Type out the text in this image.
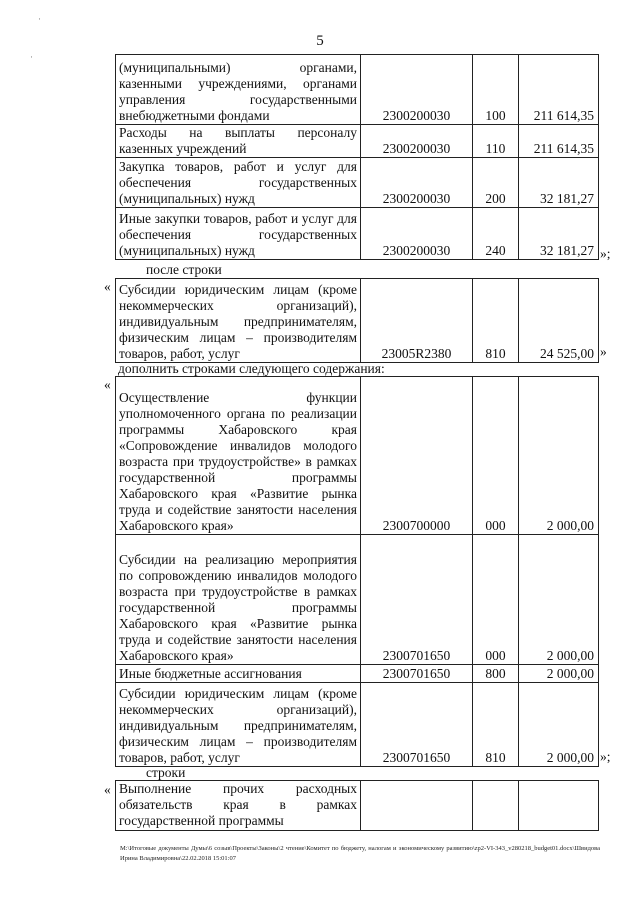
5
·
·
(муниципальными) органами, казенными учреждениями, органами управления государственными внебюджетными фондами	2300200030	100	211 614,35
Расходы на выплаты персоналу казенных учреждений	2300200030	110	211 614,35
Закупка товаров, работ и услуг для обеспечения государственных (муниципальных) нужд	2300200030	200	32 181,27
Иные закупки товаров, работ и услуг для обеспечения государственных (муниципальных) нужд	2300200030	240	32 181,27 »;
после строки
« Субсидии юридическим лицам (кроме некоммерческих организаций), индивидуальным предпринимателям, физическим лицам – производителям товаров, работ, услуг	23005R2380	810	24 525,00 »
дополнить строками следующего содержания:
«
Осуществление функции уполномоченного органа по реализации программы Хабаровского края «Сопровождение инвалидов молодого возраста при трудоустройстве» в рамках государственной программы Хабаровского края «Развитие рынка труда и содействие занятости населения Хабаровского края»	2300700000	000	2 000,00
Субсидии на реализацию мероприятия по сопровождению инвалидов молодого возраста при трудоустройстве в рамках государственной программы Хабаровского края «Развитие рынка труда и содействие занятости населения Хабаровского края»	2300701650	000	2 000,00
Иные бюджетные ассигнования	2300701650	800	2 000,00
Субсидии юридическим лицам (кроме некоммерческих организаций), индивидуальным предпринимателям, физическим лицам – производителям товаров, работ, услуг	2300701650	810	2 000,00 »;
строки
« Выполнение прочих расходных обязательств края в рамках государственной программы			
M:\Итоговые документы Думы\6 созыв\Проекты\Законы\2 чтение\Комитет по бюджету, налогам и экономическому развитию\zp2-VI-343_v280218_budget01.docx\Швидова Ирина Владимировна\22.02.2018 15:01:07
